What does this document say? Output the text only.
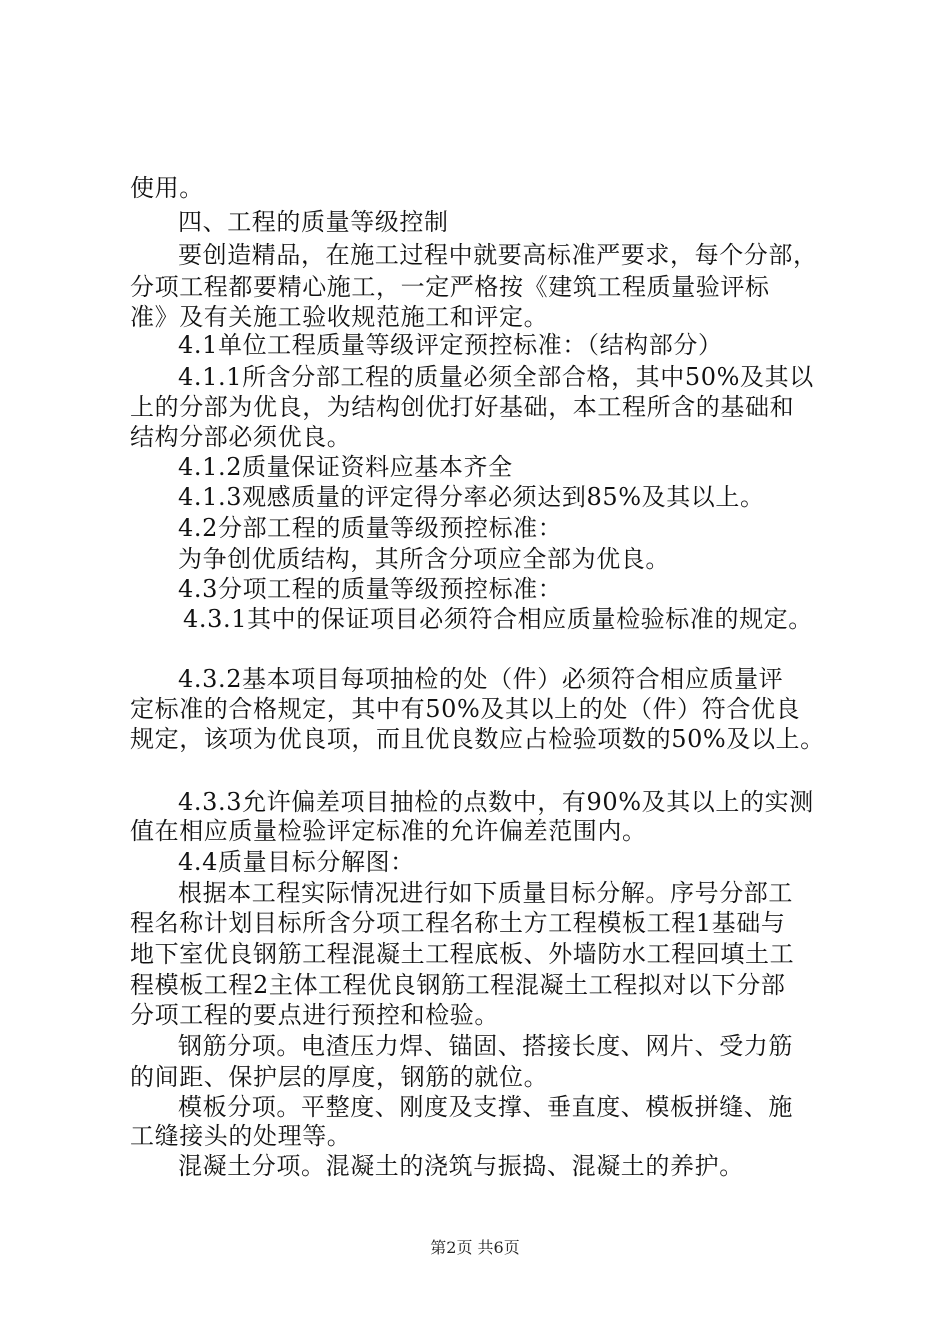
使用。
四、工程的质量等级控制
要创造精品，在施工过程中就要高标准严要求，每个分部，
分项工程都要精心施工，一定严格按《建筑工程质量验评标
准》及有关施工验收规范施工和评定。
4.1单位工程质量等级评定预控标准：（结构部分）
4.1.1所含分部工程的质量必须全部合格，其中50%及其以
上的分部为优良，为结构创优打好基础，本工程所含的基础和
结构分部必须优良。
4.1.2质量保证资料应基本齐全
4.1.3观感质量的评定得分率必须达到85%及其以上。
4.2分部工程的质量等级预控标准：
为争创优质结构，其所含分项应全部为优良。
4.3分项工程的质量等级预控标准：
4.3.1其中的保证项目必须符合相应质量检验标准的规定。
4.3.2基本项目每项抽检的处（件）必须符合相应质量评
定标准的合格规定，其中有50%及其以上的处（件）符合优良
规定，该项为优良项，而且优良数应占检验项数的50%及以上。
4.3.3允许偏差项目抽检的点数中，有90%及其以上的实测
值在相应质量检验评定标准的允许偏差范围内。
4.4质量目标分解图：
根据本工程实际情况进行如下质量目标分解。序号分部工
程名称计划目标所含分项工程名称土方工程模板工程1基础与
地下室优良钢筋工程混凝土工程底板、外墙防水工程回填土工
程模板工程2主体工程优良钢筋工程混凝土工程拟对以下分部
分项工程的要点进行预控和检验。
钢筋分项。电渣压力焊、锚固、搭接长度、网片、受力筋
的间距、保护层的厚度，钢筋的就位。
模板分项。平整度、刚度及支撑、垂直度、模板拼缝、施
工缝接头的处理等。
混凝土分项。混凝土的浇筑与振捣、混凝土的养护。
第2页 共6页
